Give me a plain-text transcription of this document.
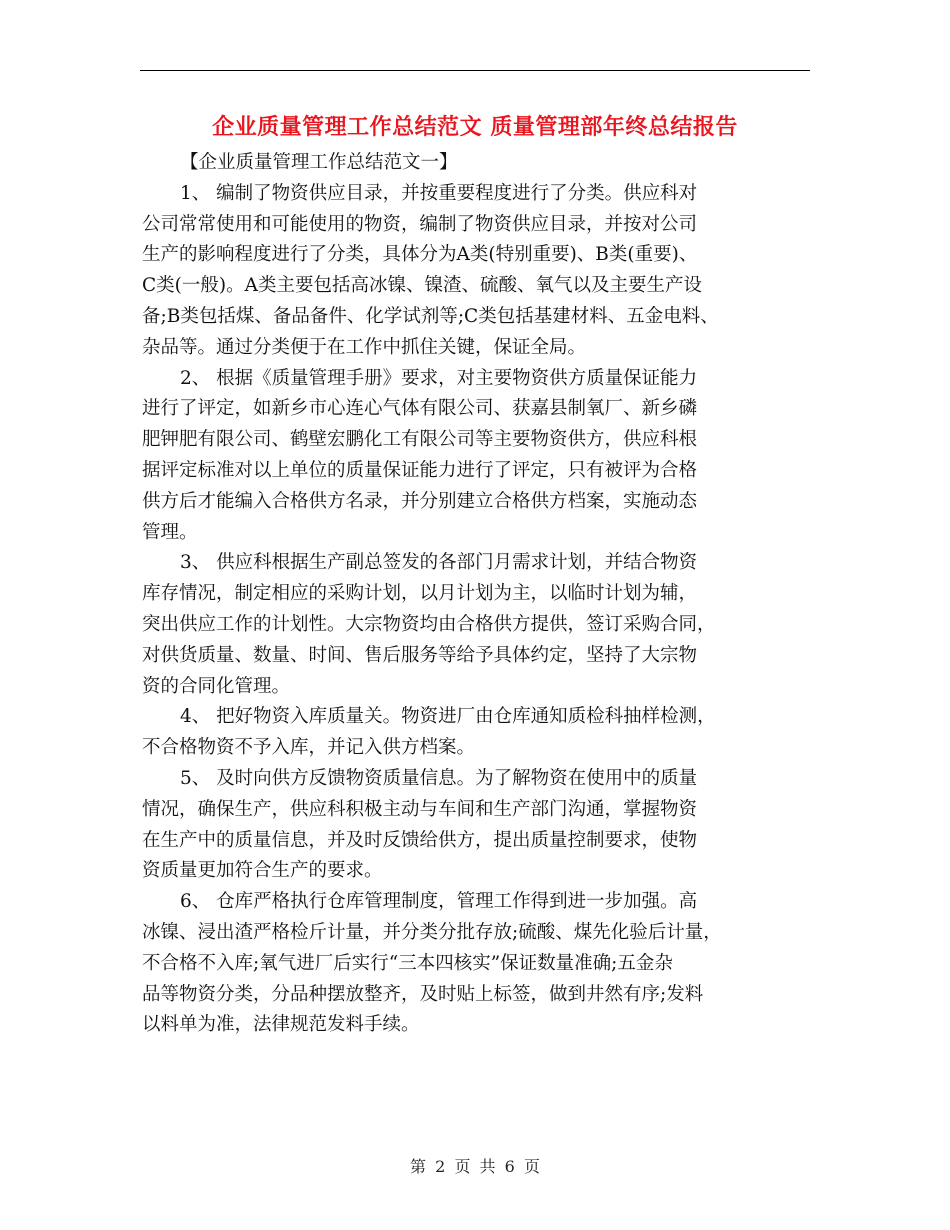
企业质量管理工作总结范文 质量管理部年终总结报告
【企业质量管理工作总结范文一】
1、 编制了物资供应目录，并按重要程度进行了分类。供应科对
公司常常使用和可能使用的物资，编制了物资供应目录，并按对公司
生产的影响程度进行了分类，具体分为A类(特别重要)、B类(重要)、
C类(一般)。A类主要包括高冰镍、镍渣、硫酸、氧气以及主要生产设
备;B类包括煤、备品备件、化学试剂等;C类包括基建材料、五金电料、
杂品等。通过分类便于在工作中抓住关键，保证全局。
2、 根据《质量管理手册》要求，对主要物资供方质量保证能力
进行了评定，如新乡市心连心气体有限公司、获嘉县制氧厂、新乡磷
肥钾肥有限公司、鹤壁宏鹏化工有限公司等主要物资供方，供应科根
据评定标准对以上单位的质量保证能力进行了评定，只有被评为合格
供方后才能编入合格供方名录，并分别建立合格供方档案，实施动态
管理。
3、 供应科根据生产副总签发的各部门月需求计划，并结合物资
库存情况，制定相应的采购计划，以月计划为主，以临时计划为辅，
突出供应工作的计划性。大宗物资均由合格供方提供，签订采购合同，
对供货质量、数量、时间、售后服务等给予具体约定，坚持了大宗物
资的合同化管理。
4、 把好物资入库质量关。物资进厂由仓库通知质检科抽样检测，
不合格物资不予入库，并记入供方档案。
5、 及时向供方反馈物资质量信息。为了解物资在使用中的质量
情况，确保生产，供应科积极主动与车间和生产部门沟通，掌握物资
在生产中的质量信息，并及时反馈给供方，提出质量控制要求，使物
资质量更加符合生产的要求。
6、 仓库严格执行仓库管理制度，管理工作得到进一步加强。高
冰镍、浸出渣严格检斤计量，并分类分批存放;硫酸、煤先化验后计量，
不合格不入库;氧气进厂后实行“三本四核实”保证数量准确;五金杂
品等物资分类，分品种摆放整齐，及时贴上标签，做到井然有序;发料
以料单为准，法律规范发料手续。
第 2 页 共 6 页
